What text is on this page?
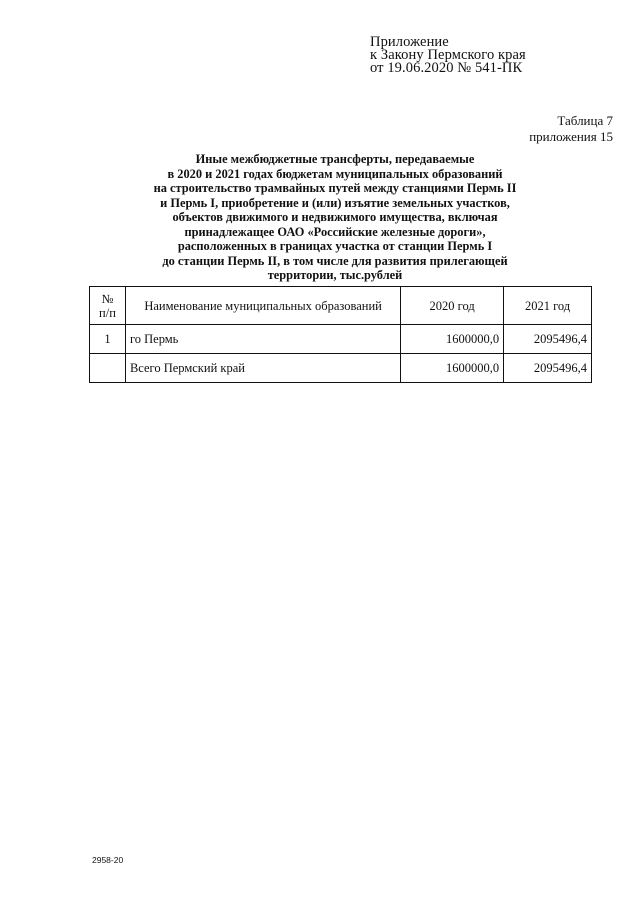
Приложение
к Закону Пермского края
от 19.06.2020 № 541-ПК
Таблица 7
приложения 15
Иные межбюджетные трансферты, передаваемые
в 2020 и 2021 годах бюджетам муниципальных образований
на строительство трамвайных путей между станциями Пермь II
и Пермь I, приобретение и (или) изъятие земельных участков,
объектов движимого и недвижимого имущества, включая
принадлежащее ОАО «Российские железные дороги»,
расположенных в границах участка от станции Пермь I
до станции Пермь II, в том числе для развития прилегающей
территории, тыс.рублей
№
п/п	Наименование муниципальных образований	2020 год	2021 год
1	го Пермь	1600000,0	2095496,4
	Всего Пермский край	1600000,0	2095496,4
2958-20
